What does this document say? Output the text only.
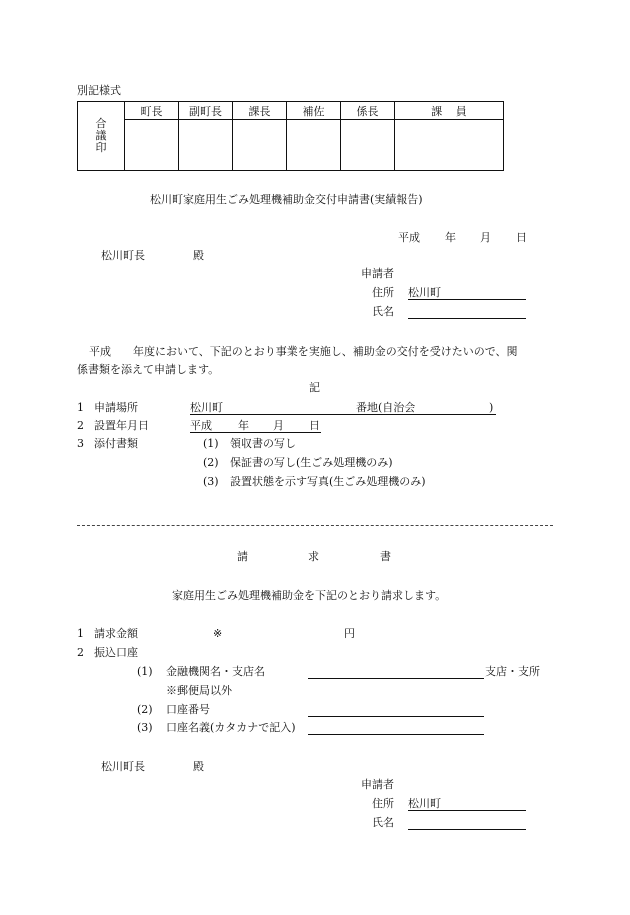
別記様式
合
議
印	町長	副町長	課長	補佐	係長	課 員

松川町家庭用生ごみ処理機補助金交付申請書(実績報告)
平成 年 月 日
松川町長	殿
申請者
住所 松川町
氏名
平成　　年度において、下記のとおり事業を実施し、補助金の交付を受けたいので、関
係書類を添えて申請します。
記
1 申請場所	松川町	番地(自治会	)
2 設置年月日	平成 年 月 日
3 添付書類	(1) 領収書の写し
(2) 保証書の写し(生ごみ処理機のみ)
(3) 設置状態を示す写真(生ごみ処理機のみ)
請	求	書
家庭用生ごみ処理機補助金を下記のとおり請求します。
1 請求金額	※	円
2 振込口座
(1) 金融機関名・支店名	支店・支所
※郵便局以外
(2) 口座番号
(3) 口座名義(カタカナで記入)
松川町長	殿
申請者
住所 松川町
氏名
